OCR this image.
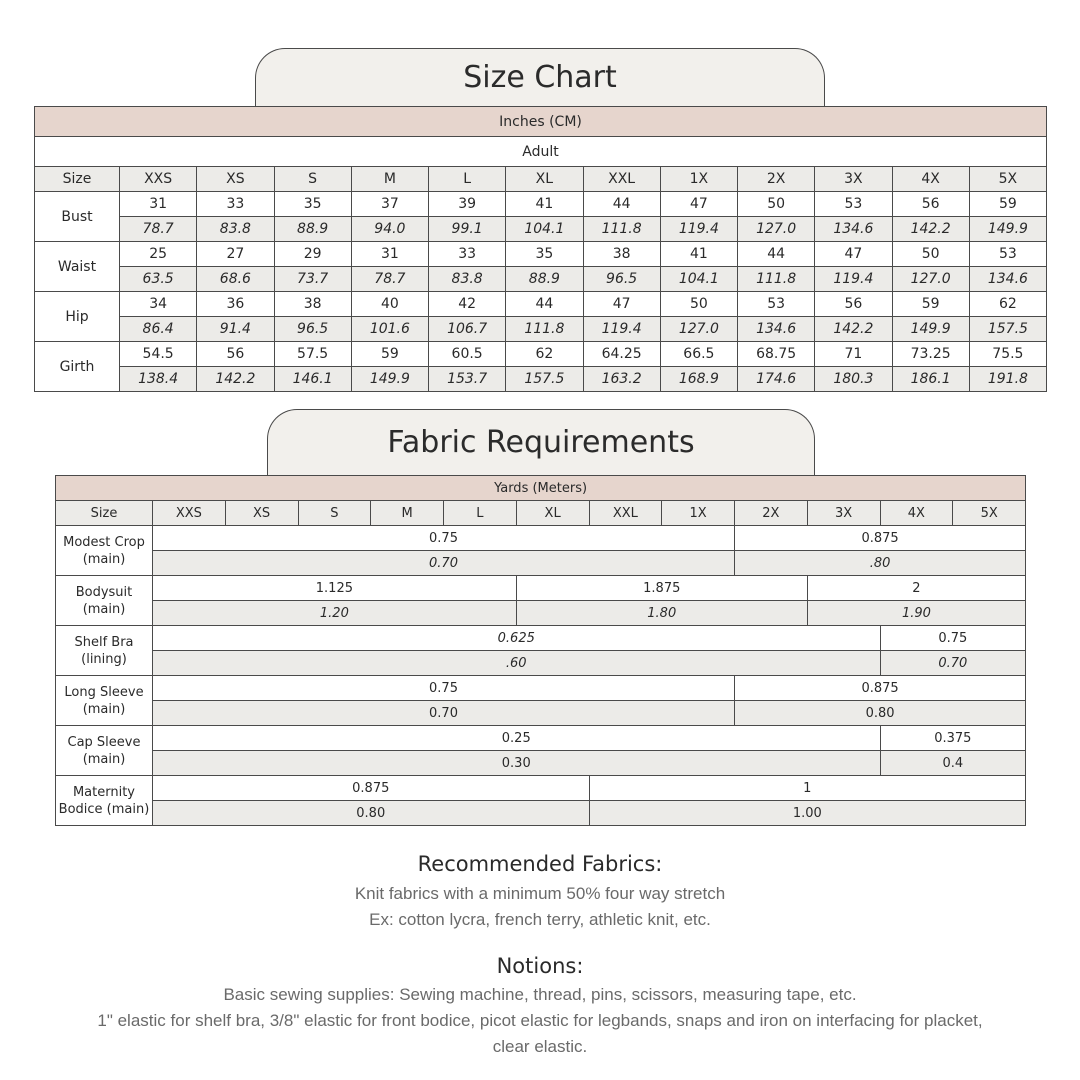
Size Chart
Inches (CM)												
Adult												
Size	XXS	XS	S	M	L	XL	XXL	1X	2X	3X	4X	5X
Bust	31	33	35	37	39	41	44	47	50	53	56	59
	78.7	83.8	88.9	94.0	99.1	104.1	111.8	119.4	127.0	134.6	142.2	149.9
Waist	25	27	29	31	33	35	38	41	44	47	50	53
	63.5	68.6	73.7	78.7	83.8	88.9	96.5	104.1	111.8	119.4	127.0	134.6
Hip	34	36	38	40	42	44	47	50	53	56	59	62
	86.4	91.4	96.5	101.6	106.7	111.8	119.4	127.0	134.6	142.2	149.9	157.5
Girth	54.5	56	57.5	59	60.5	62	64.25	66.5	68.75	71	73.25	75.5
	138.4	142.2	146.1	149.9	153.7	157.5	163.2	168.9	174.6	180.3	186.1	191.8
Fabric Requirements
Yards (Meters)												
Size	XXS	XS	S	M	L	XL	XXL	1X	2X	3X	4X	5X
Modest Crop (main)	0.75								0.875			
	0.70								.80			
Bodysuit (main)	1.125					1.875				2		
	1.20					1.80				1.90		
Shelf Bra (lining)	0.625										0.75	
	.60										0.70	
Long Sleeve (main)	0.75								0.875			
	0.70								0.80			
Cap Sleeve (main)	0.25										0.375	
	0.30										0.4	
Maternity Bodice (main)	0.875						1					
	0.80						1.00					
Recommended Fabrics:
Knit fabrics with a minimum 50% four way stretch
Ex: cotton lycra, french terry, athletic knit, etc.
Notions:
Basic sewing supplies: Sewing machine, thread, pins, scissors, measuring tape, etc.
1" elastic for shelf bra, 3/8" elastic for front bodice, picot elastic for legbands, snaps and iron on interfacing for placket,
clear elastic.
